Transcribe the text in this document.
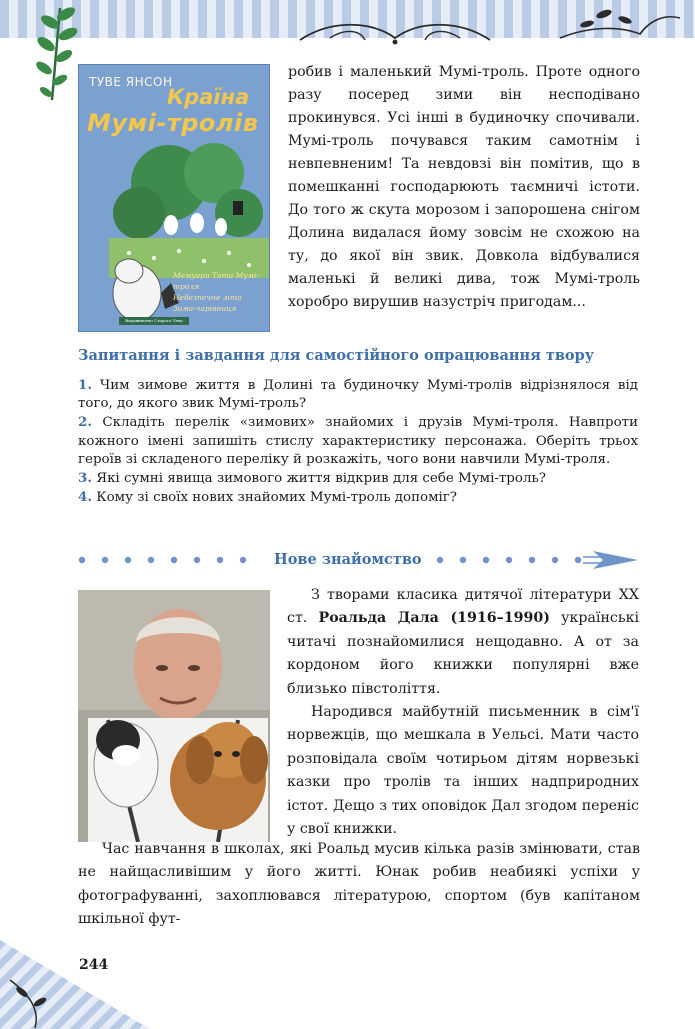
ТУВЕ ЯНСОН
Країна
Мумі-тролів
Мемуари Тата Мумі-троля
Небезпечне літо
Зима-чарівниця
Видавництво Старого Лева

робив і маленький Мумі-троль. Проте одного разу посеред зими він несподівано прокинувся. Усі інші в будиночку спочивали. Мумі-троль почувався таким самотнім і невпевненим! Та невдовзі він помітив, що в помешканні господарюють таємничі істоти. До того ж скута морозом і запорошена снігом Долина видалася йому зовсім не схожою на ту, до якої він звик. Довкола відбувалися маленькі й великі дива, тож Мумі-троль хоробро вирушив назустріч пригодам...

Запитання і завдання для самостійного опрацювання твору

1. Чим зимове життя в Долині та будиночку Мумі-тролів відрізнялося від того, до якого звик Мумі-троль?

2. Складіть перелік «зимових» знайомих і друзів Мумі-троля. Навпроти кожного імені запишіть стислу характеристику персонажа. Оберіть трьох героїв зі складеного переліку й розкажіть, чого вони навчили Мумі-троля.

3. Які сумні явища зимового життя відкрив для себе Мумі-троль?

4. Кому зі своїх нових знайомих Мумі-троль допоміг?

Нове знайомство

З творами класика дитячої літератури XX ст. Роальда Дала (1916–1990) українські читачі познайомилися нещодавно. А от за кордоном його книжки популярні вже близько півстоліття.

Народився майбутній письменник в сім'ї норвежців, що мешкала в Уельсі. Мати часто розповідала своїм чотирьом дітям норвезькі казки про тролів та інших надприродних істот. Дещо з тих оповідок Дал згодом переніс у свої книжки.

Час навчання в школах, які Роальд мусив кілька разів змінювати, став не найщасливішим у його житті. Юнак робив неабиякі успіхи у фотографуванні, захоплювався літературою, спортом (був капітаном шкільної фут-

244
